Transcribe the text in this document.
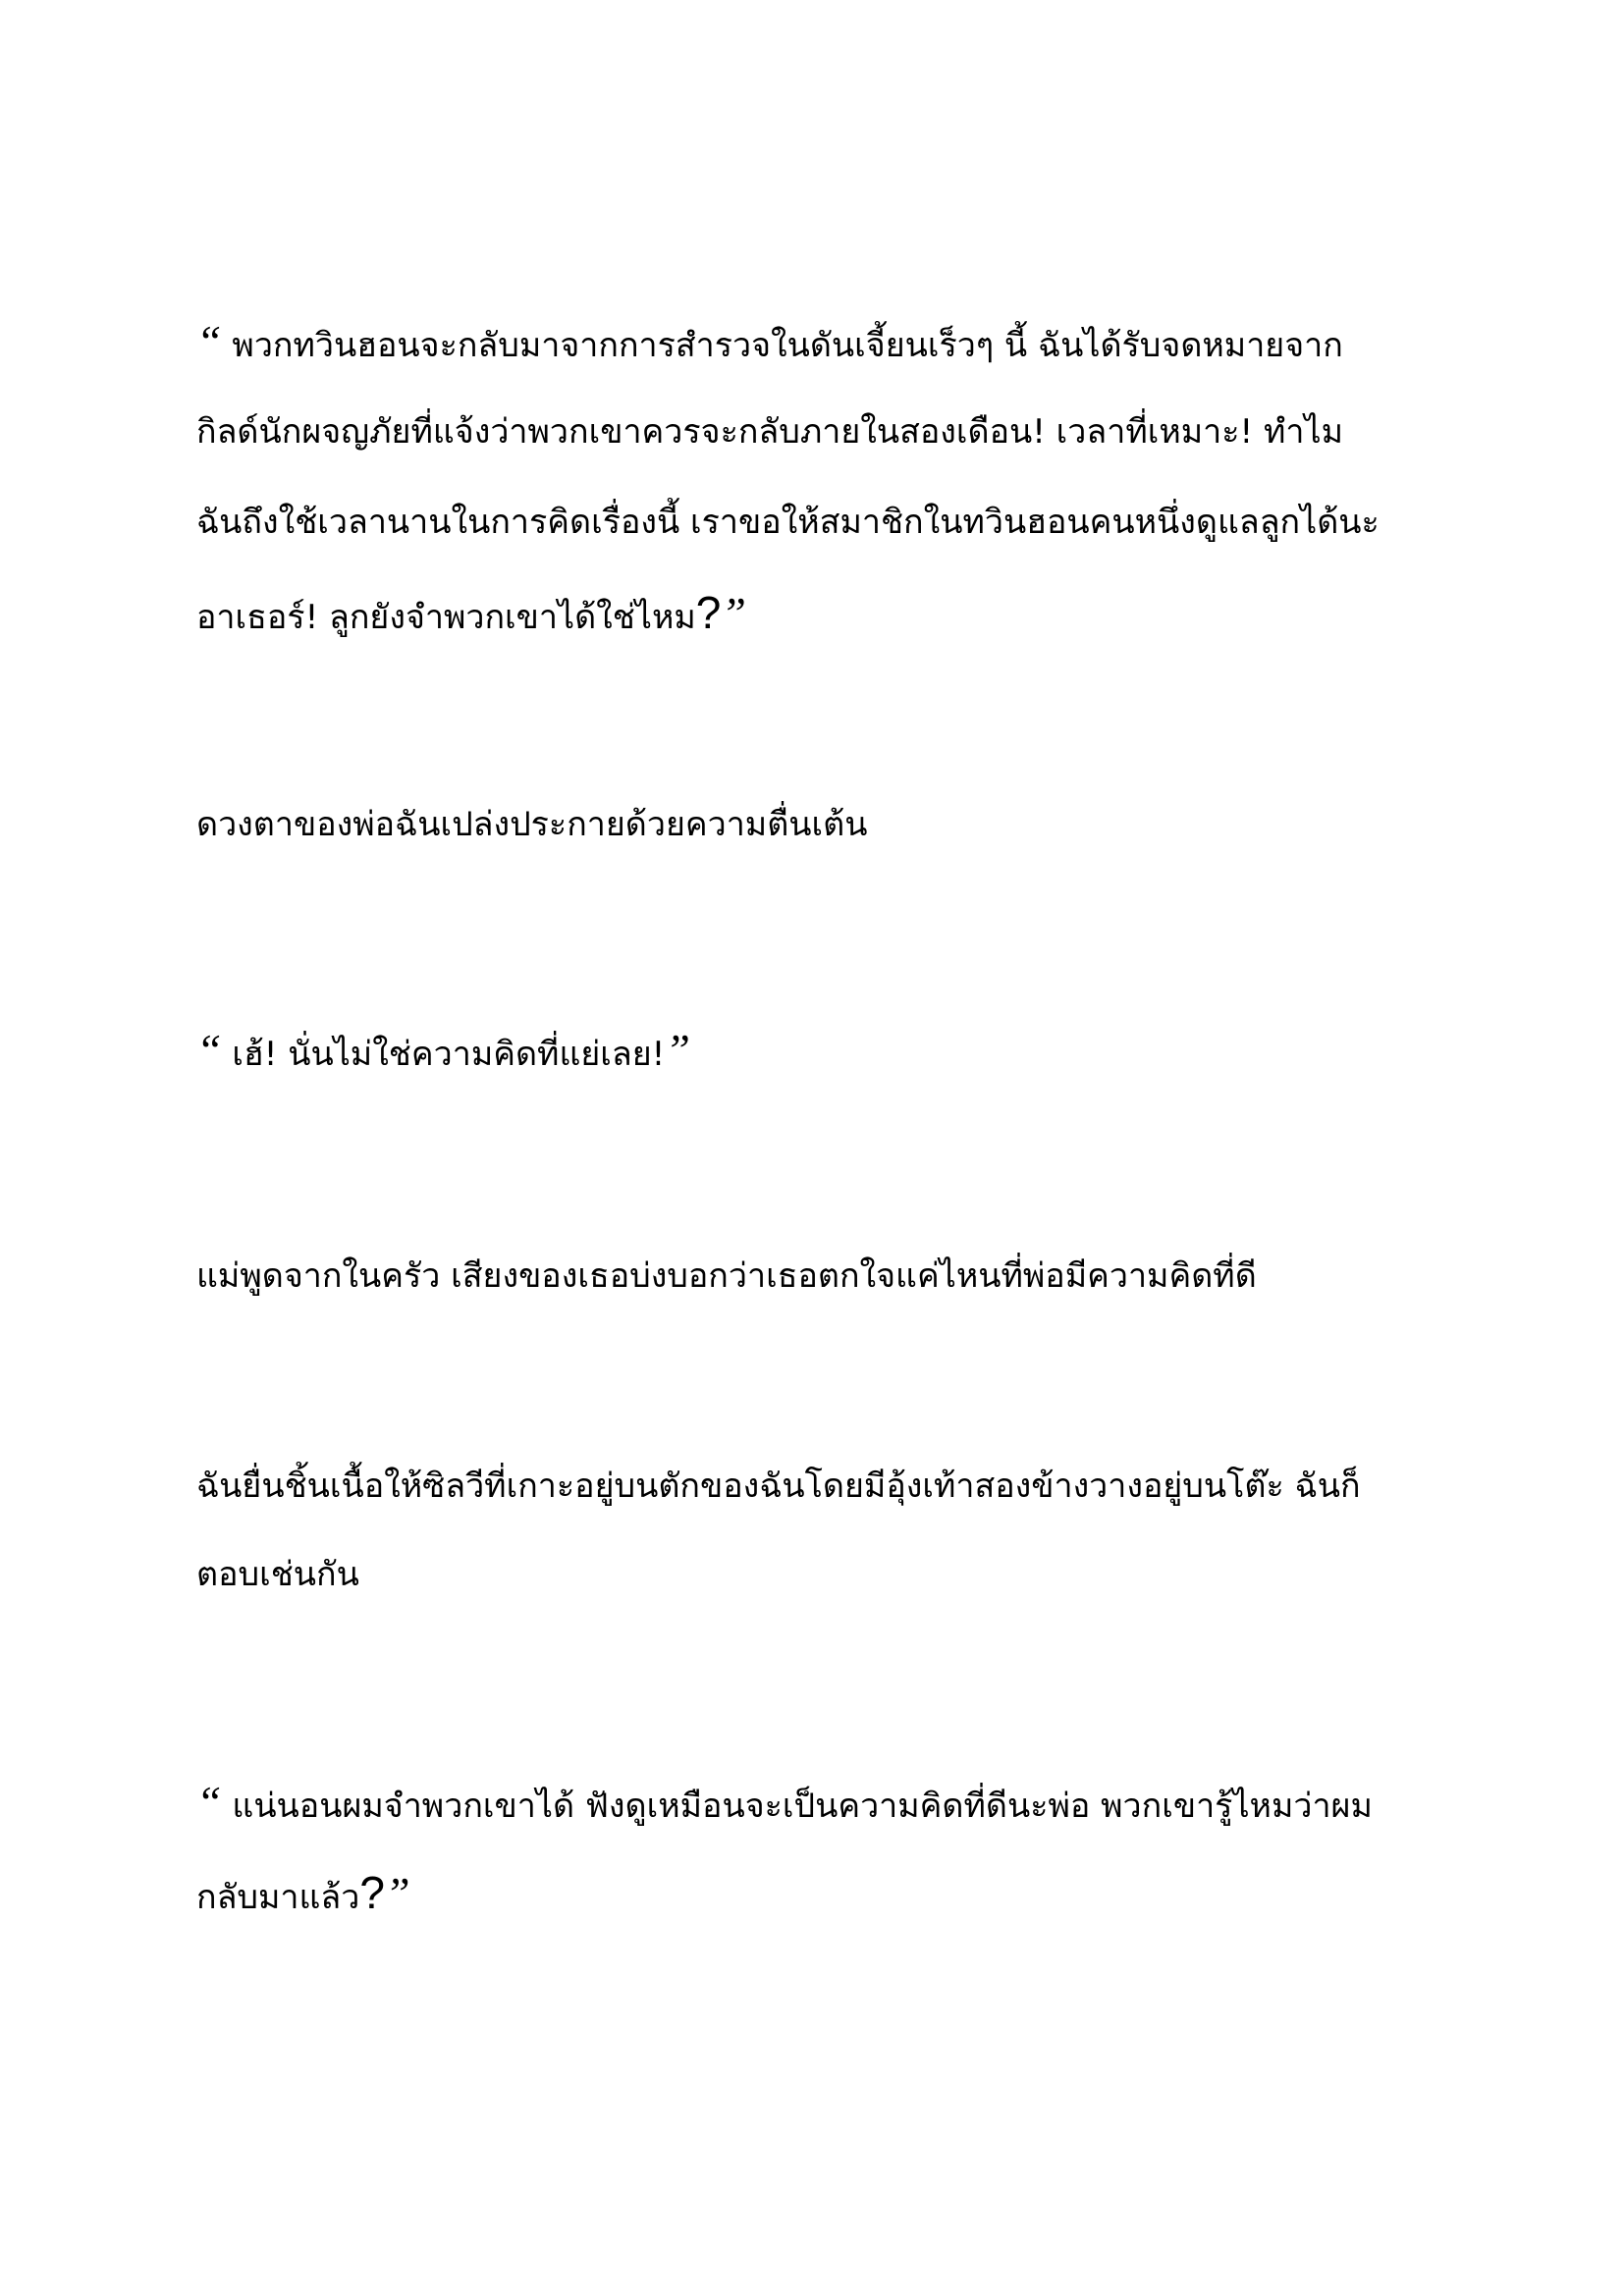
“ พวกทวินฮอนจะกลับมาจากการสำรวจในดันเจี้ยนเร็วๆ นี้ ฉันได้รับจดหมายจาก
กิลด์นักผจญภัยที่แจ้งว่าพวกเขาควรจะกลับภายในสองเดือน! เวลาที่เหมาะ! ทำไม
ฉันถึงใช้เวลานานในการคิดเรื่องนี้ เราขอให้สมาชิกในทวินฮอนคนหนึ่งดูแลลูกได้นะ
อาเธอร์! ลูกยังจำพวกเขาได้ใช่ไหม?”
ดวงตาของพ่อฉันเปล่งประกายด้วยความตื่นเต้น
“ เฮ้! นั่นไม่ใช่ความคิดที่แย่เลย!”
แม่พูดจากในครัว เสียงของเธอบ่งบอกว่าเธอตกใจแค่ไหนที่พ่อมีความคิดที่ดี
ฉันยื่นชิ้นเนื้อให้ซิลวีที่เกาะอยู่บนตักของฉันโดยมีอุ้งเท้าสองข้างวางอยู่บนโต๊ะ ฉันก็
ตอบเช่นกัน
“ แน่นอนผมจำพวกเขาได้ ฟังดูเหมือนจะเป็นความคิดที่ดีนะพ่อ พวกเขารู้ไหมว่าผม
กลับมาแล้ว?”
